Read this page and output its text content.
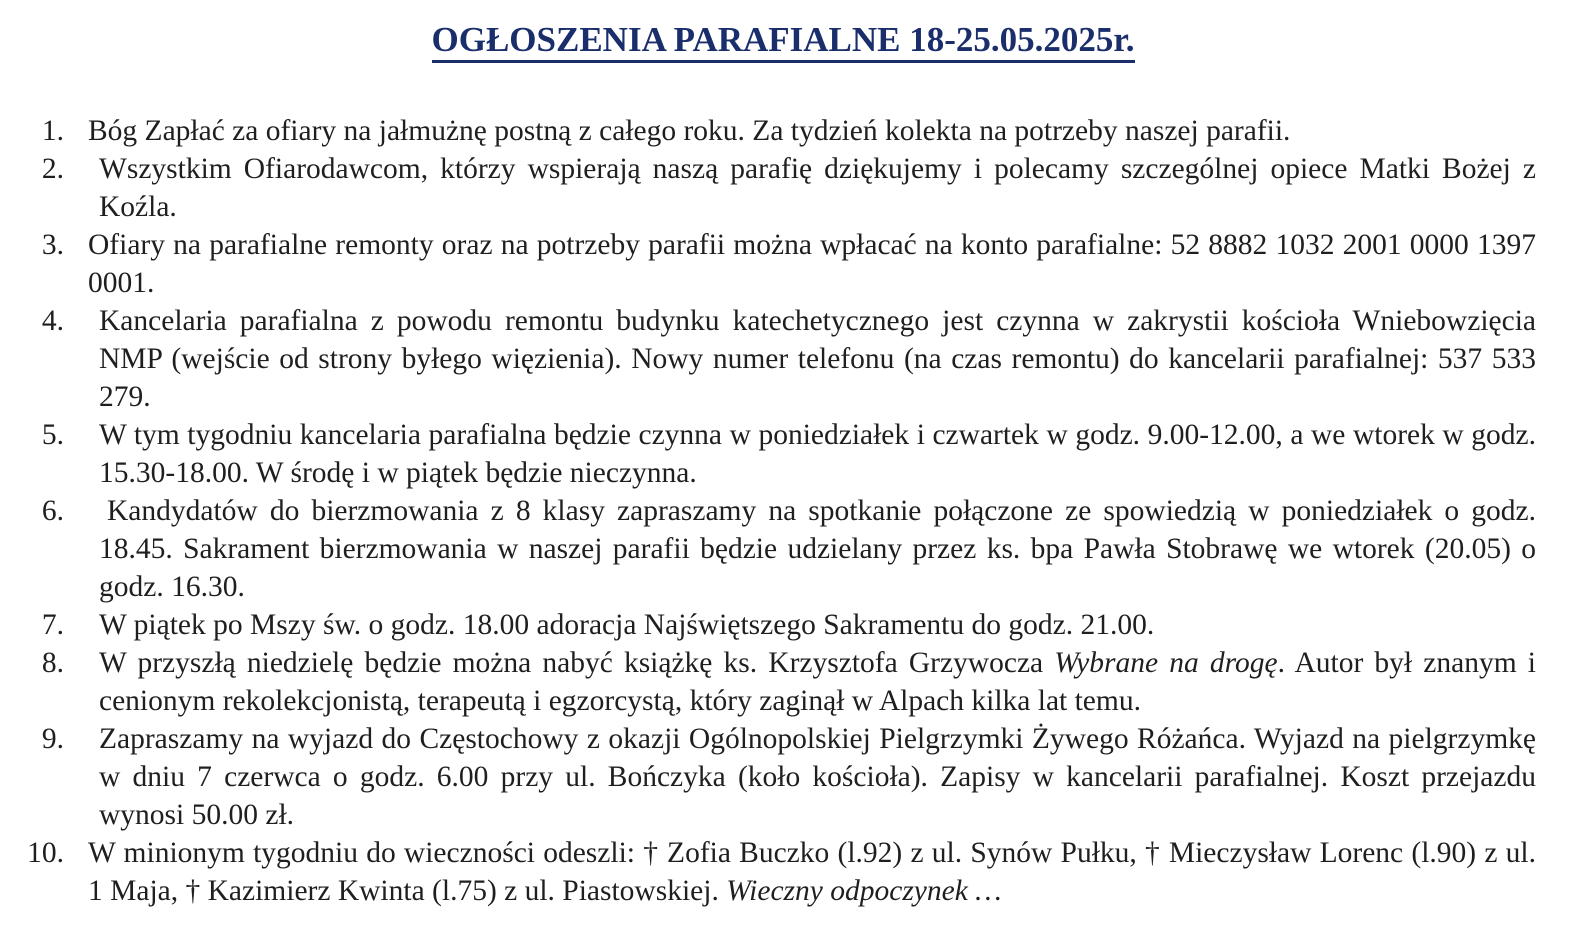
OGŁOSZENIA PARAFIALNE 18-25.05.2025r.
1. Bóg Zapłać za ofiary na jałmużnę postną z całego roku. Za tydzień kolekta na potrzeby naszej parafii.
2. Wszystkim Ofiarodawcom, którzy wspierają naszą parafię dziękujemy i polecamy szczególnej opiece Matki Bożej z Koźla.
3. Ofiary na parafialne remonty oraz na potrzeby parafii można wpłacać na konto parafialne: 52 8882 1032 2001 0000 1397 0001.
4. Kancelaria parafialna z powodu remontu budynku katechetycznego jest czynna w zakrystii kościoła Wniebowzięcia NMP (wejście od strony byłego więzienia). Nowy numer telefonu (na czas remontu) do kancelarii parafialnej: 537 533 279.
5. W tym tygodniu kancelaria parafialna będzie czynna w poniedziałek i czwartek w godz. 9.00-12.00, a we wtorek w godz. 15.30-18.00. W środę i w piątek będzie nieczynna.
6. Kandydatów do bierzmowania z 8 klasy zapraszamy na spotkanie połączone ze spowiedzią w poniedziałek o godz. 18.45. Sakrament bierzmowania w naszej parafii będzie udzielany przez ks. bpa Pawła Stobrawę we wtorek (20.05) o godz. 16.30.
7. W piątek po Mszy św. o godz. 18.00 adoracja Najświętszego Sakramentu do godz. 21.00.
8. W przyszłą niedzielę będzie można nabyć książkę ks. Krzysztofa Grzywocza Wybrane na drogę. Autor był znanym i cenionym rekolekcjonistą, terapeutą i egzorcystą, który zaginął w Alpach kilka lat temu.
9. Zapraszamy na wyjazd do Częstochowy z okazji Ogólnopolskiej Pielgrzymki Żywego Różańca. Wyjazd na pielgrzymkę w dniu 7 czerwca o godz. 6.00 przy ul. Bończyka (koło kościoła). Zapisy w kancelarii parafialnej. Koszt przejazdu wynosi 50.00 zł.
10. W minionym tygodniu do wieczności odeszli: † Zofia Buczko (l.92) z ul. Synów Pułku, † Mieczysław Lorenc (l.90) z ul. 1 Maja, † Kazimierz Kwinta (l.75) z ul. Piastowskiej. Wieczny odpoczynek …
